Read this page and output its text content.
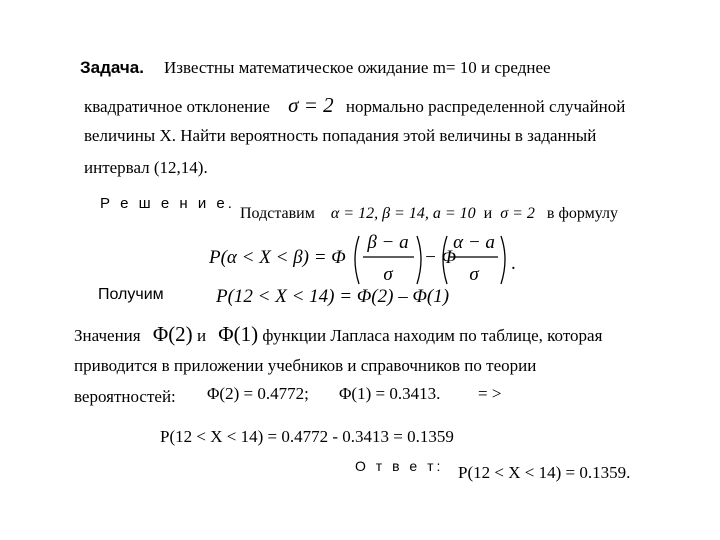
Задача. Известны математическое ожидание m= 10 и среднее
квадратичное отклонение σ = 2 нормально распределенной случайной
величины X. Найти вероятность попадания этой величины в заданный
интервал (12,14).
Р е ш е н и е.
Подставим α = 12, β = 14, a = 10 и σ = 2 в формулу
P(α < X < β) = Φ
β − a
σ
− Φ
α − a
σ
.
Получим	P(12 < X < 14) = Φ(2) – Φ(1)
Значения Φ(2) и Φ(1) функции Лапласа находим по таблице, которая
приводится в приложении учебников и справочников по теории
вероятностей: Φ(2) = 0.4772; Φ(1) = 0.3413. = >
P(12 < X < 14) = 0.4772 - 0.3413 = 0.1359
О т в е т: P(12 < X < 14) = 0.1359.
